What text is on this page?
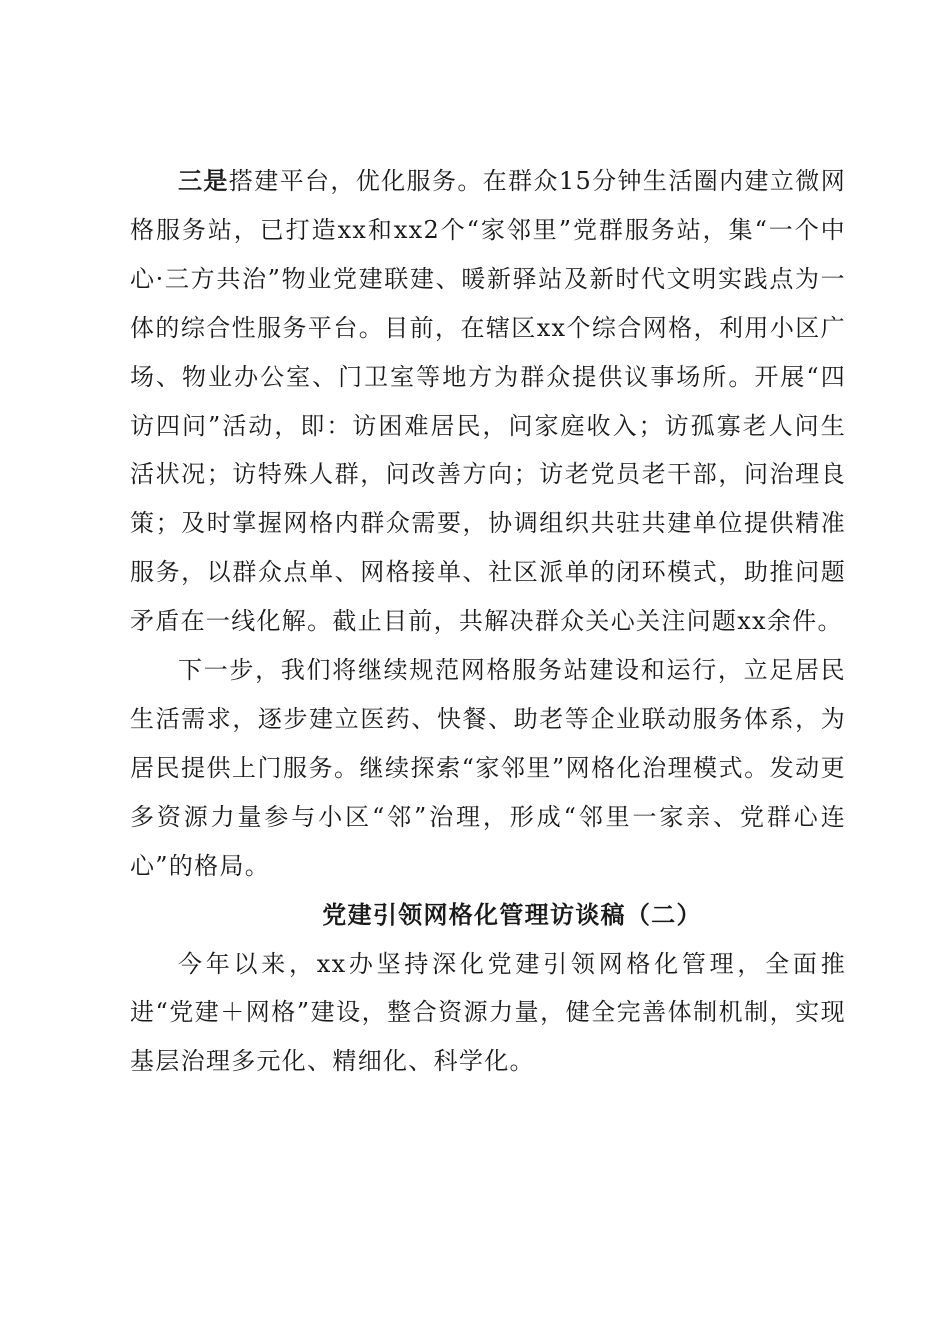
三是搭建平台，优化服务。在群众15分钟生活圈内建立微网格服务站，已打造xx和xx2个“家邻里”党群服务站，集“一个中心·三方共治”物业党建联建、暖新驿站及新时代文明实践点为一体的综合性服务平台。目前，在辖区xx个综合网格，利用小区广场、物业办公室、门卫室等地方为群众提供议事场所。开展“四访四问”活动，即：访困难居民，问家庭收入；访孤寡老人问生活状况；访特殊人群，问改善方向；访老党员老干部，问治理良策；及时掌握网格内群众需要，协调组织共驻共建单位提供精准服务，以群众点单、网格接单、社区派单的闭环模式，助推问题矛盾在一线化解。截止目前，共解决群众关心关注问题xx余件。

下一步，我们将继续规范网格服务站建设和运行，立足居民生活需求，逐步建立医药、快餐、助老等企业联动服务体系，为居民提供上门服务。继续探索“家邻里”网格化治理模式。发动更多资源力量参与小区“邻”治理，形成“邻里一家亲、党群心连心”的格局。

党建引领网格化管理访谈稿（二）

今年以来，xx办坚持深化党建引领网格化管理，全面推进“党建＋网格”建设，整合资源力量，健全完善体制机制，实现基层治理多元化、精细化、科学化。
